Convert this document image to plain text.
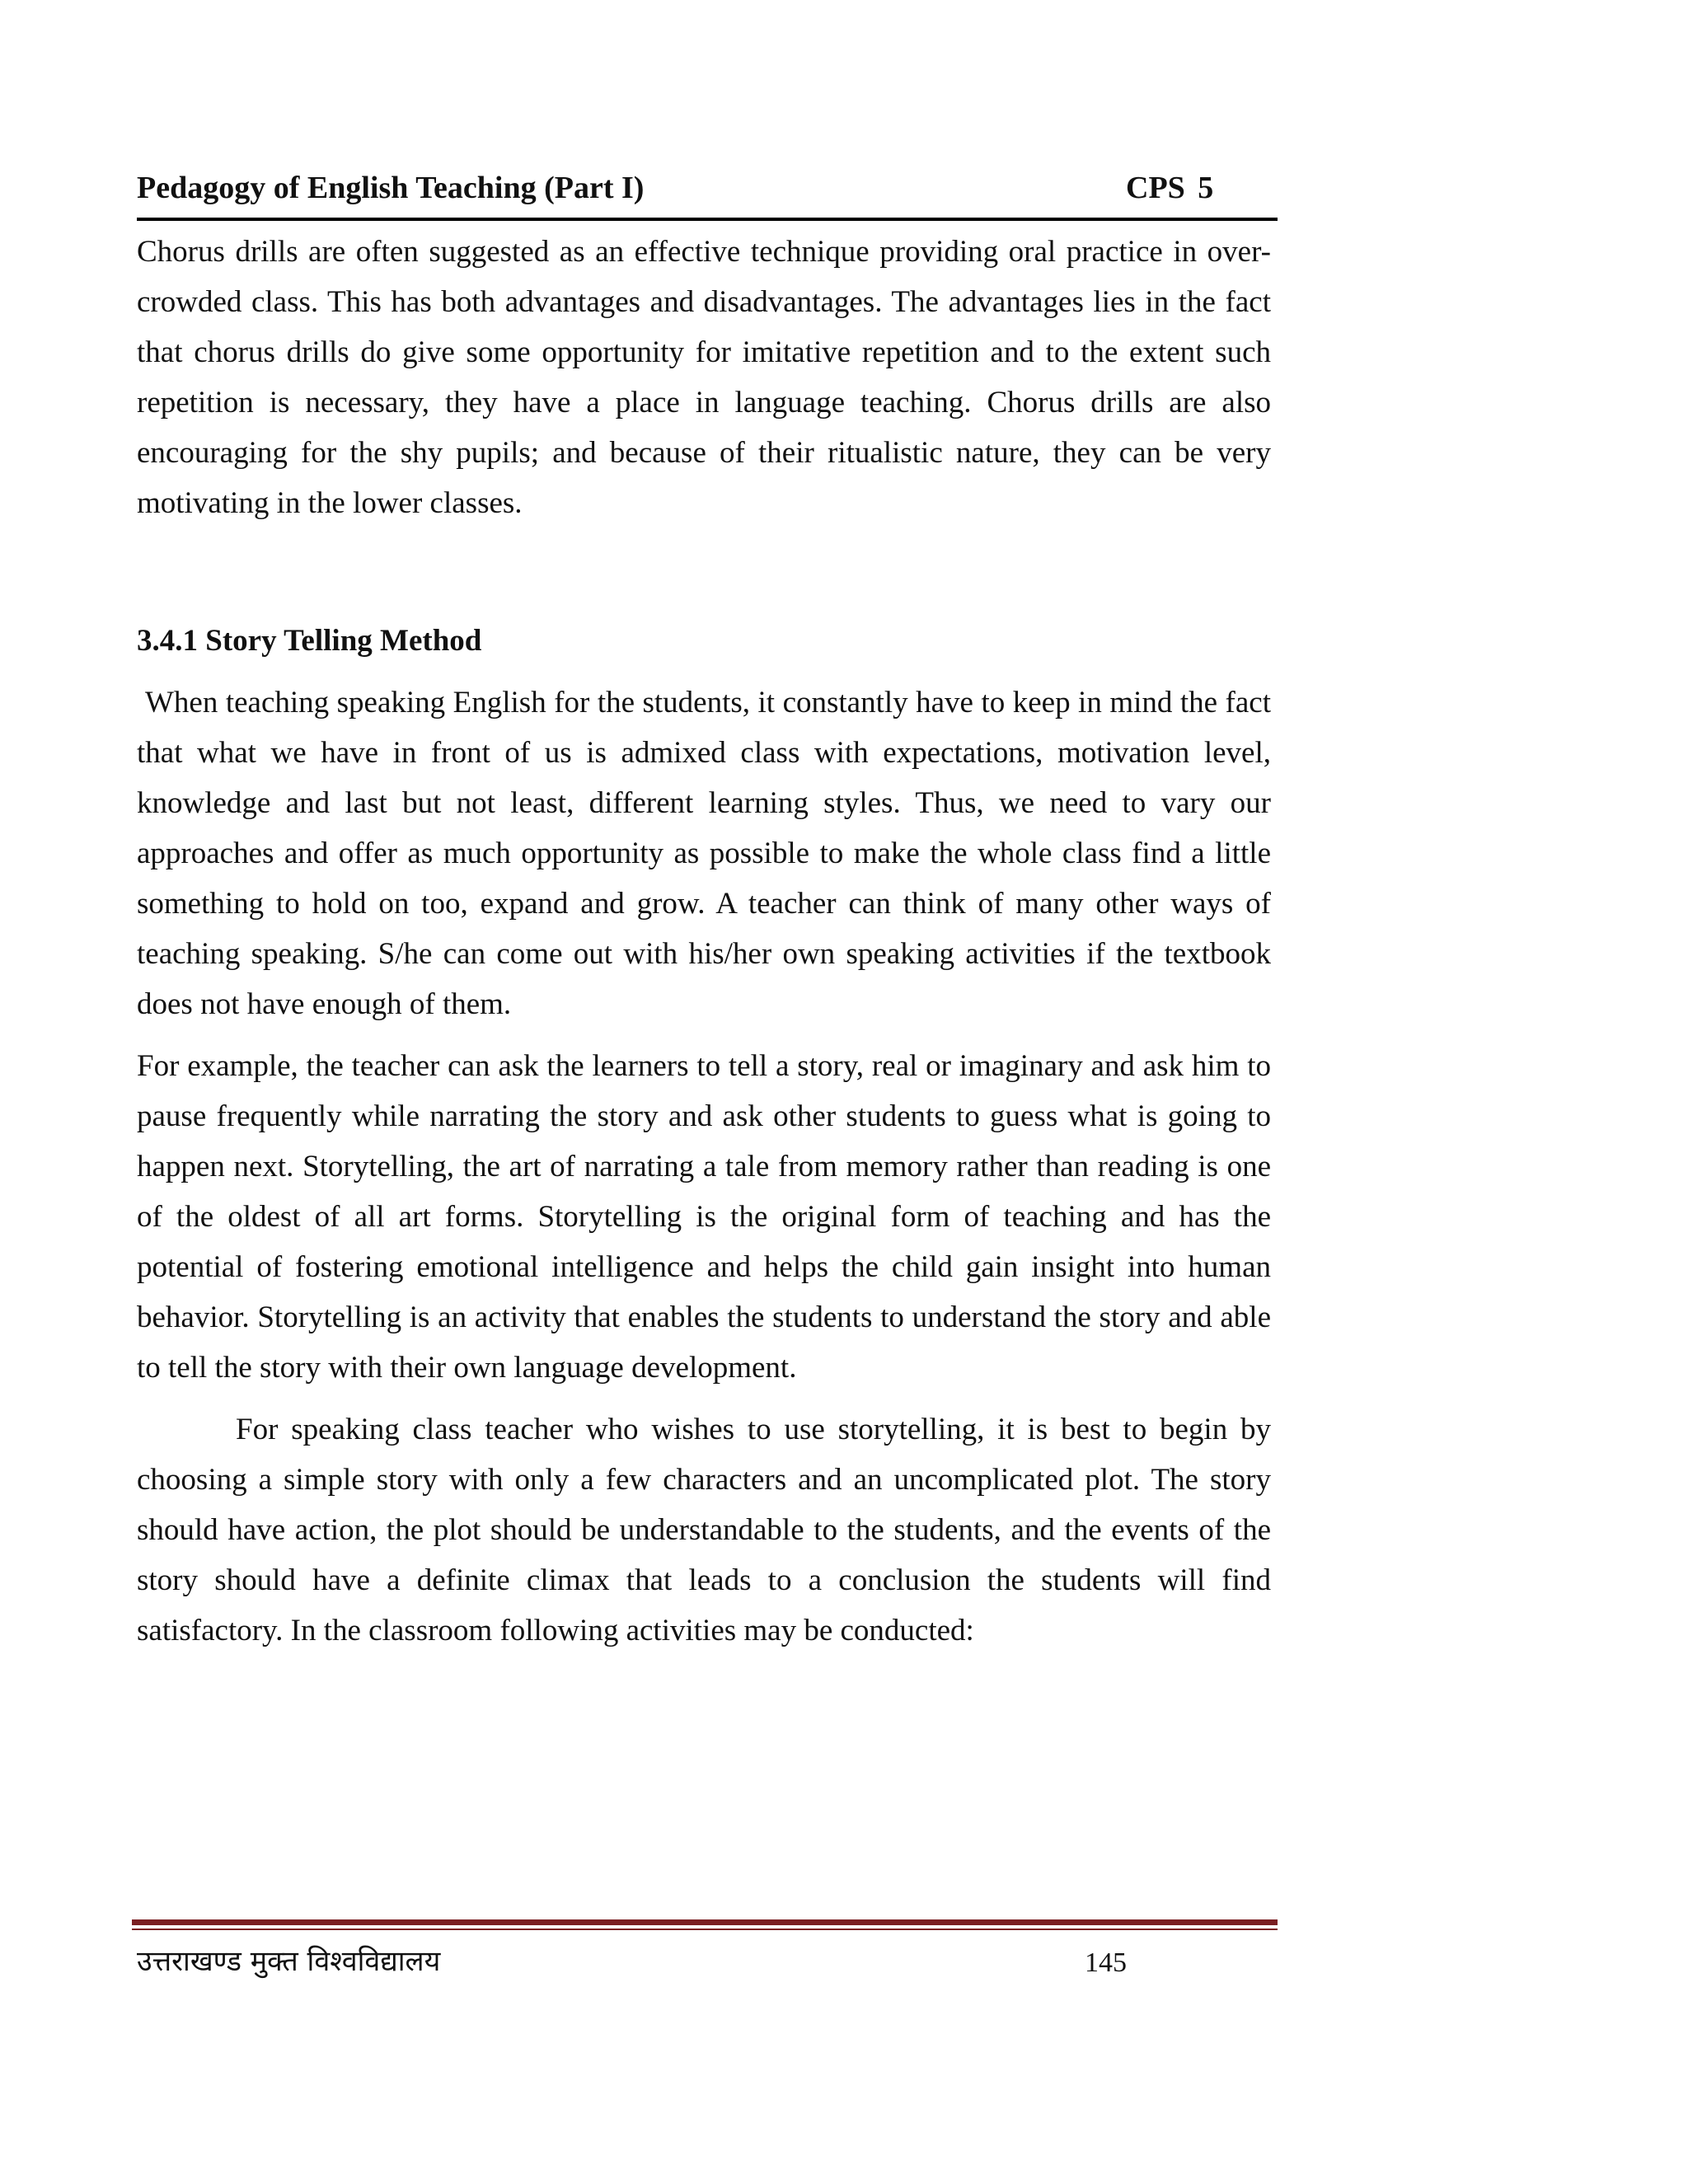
Pedagogy of English Teaching (Part I)	CPS 5

Chorus drills are often suggested as an effective technique providing oral practice in over- crowded class. This has both advantages and disadvantages. The advantages lies in the fact that chorus drills do give some opportunity for imitative repetition and to the extent such repetition is necessary, they have a place in language teaching. Chorus drills are also encouraging for the shy pupils; and because of their ritualistic nature, they can be very motivating in the lower classes.

3.4.1 Story Telling Method

When teaching speaking English for the students, it constantly have to keep in mind the fact that what we have in front of us is admixed class with expectations, motivation level, knowledge and last but not least, different learning styles. Thus, we need to vary our approaches and offer as much opportunity as possible to make the whole class find a little something to hold on too, expand and grow. A teacher can think of many other ways of teaching speaking. S/he can come out with his/her own speaking activities if the textbook does not have enough of them.

For example, the teacher can ask the learners to tell a story, real or imaginary and ask him to pause frequently while narrating the story and ask other students to guess what is going to happen next. Storytelling, the art of narrating a tale from memory rather than reading is one of the oldest of all art forms. Storytelling is the original form of teaching and has the potential of fostering emotional intelligence and helps the child gain insight into human behavior. Storytelling is an activity that enables the students to understand the story and able to tell the story with their own language development.

For speaking class teacher who wishes to use storytelling, it is best to begin by choosing a simple story with only a few characters and an uncomplicated plot. The story should have action, the plot should be understandable to the students, and the events of the story should have a definite climax that leads to a conclusion the students will find satisfactory. In the classroom following activities may be conducted:

उत्तराखण्ड मुक्त विश्वविद्यालय	145
